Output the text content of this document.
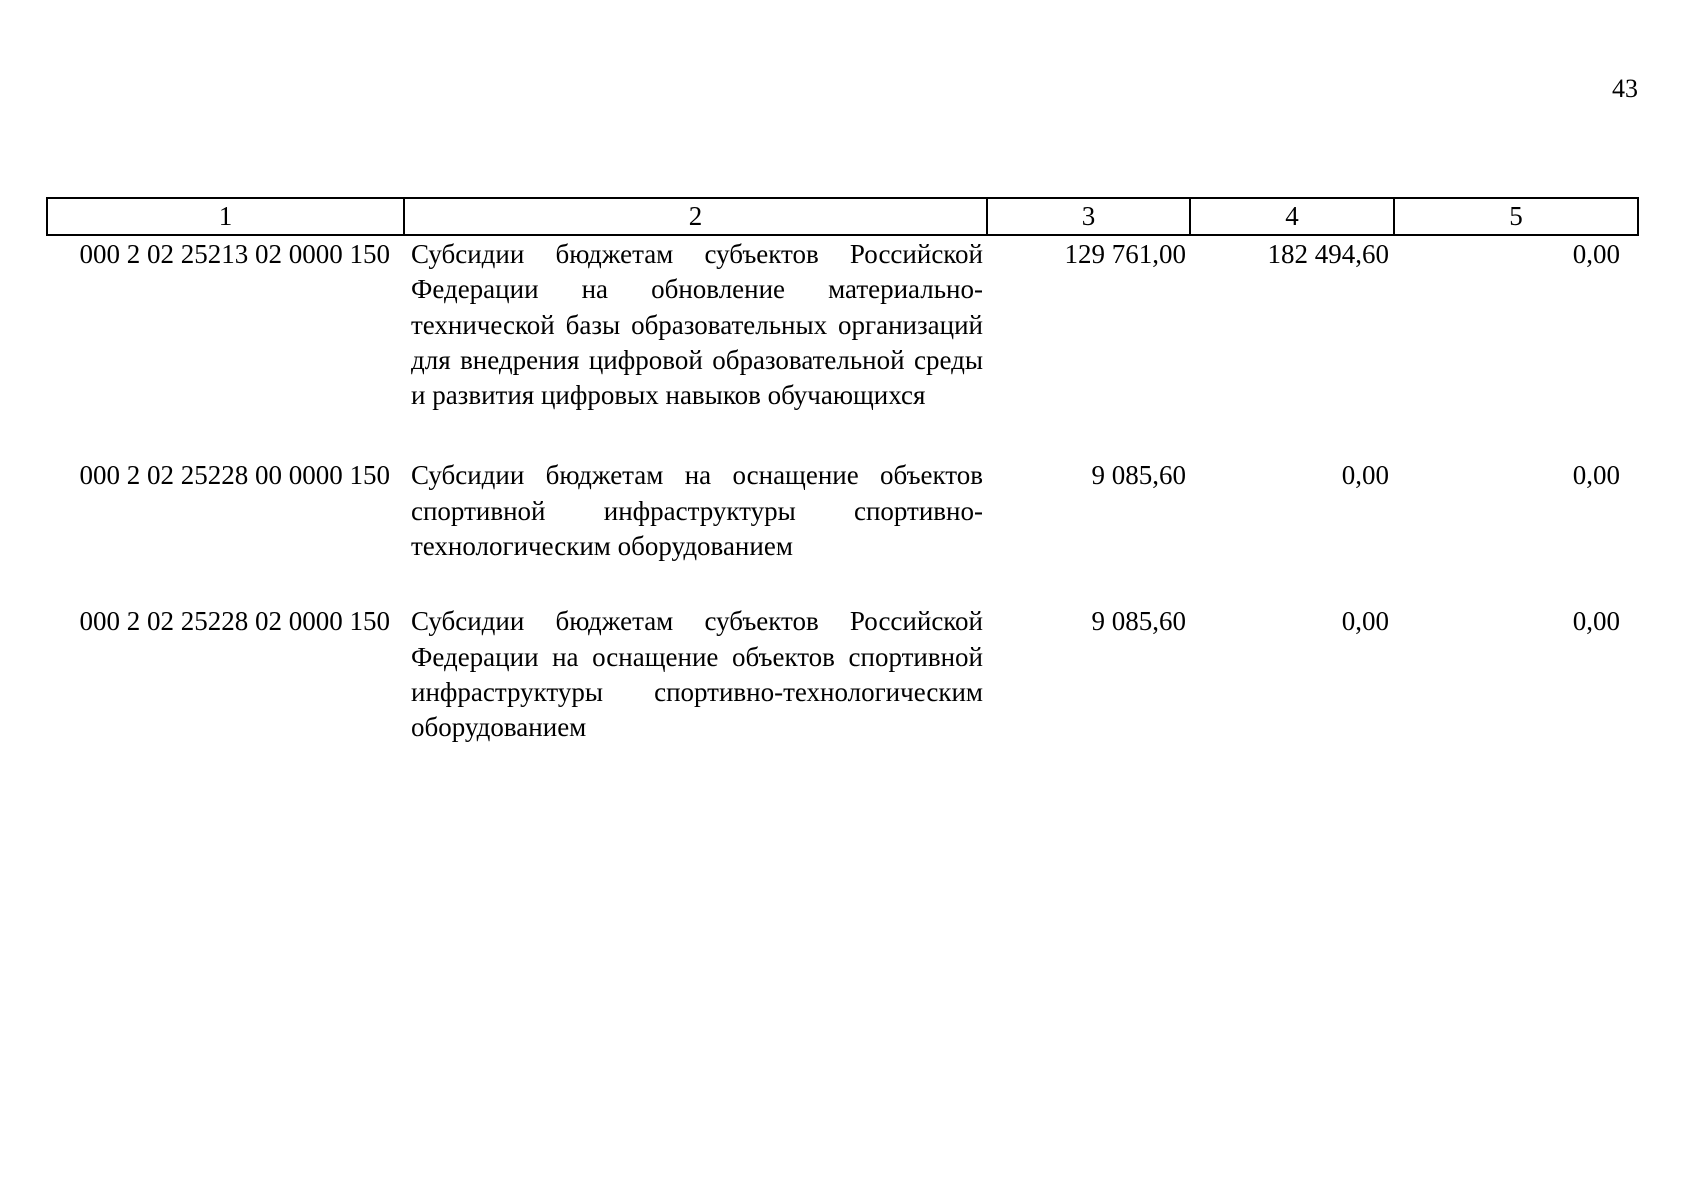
43
1	2	3	4	5
000 2 02 25213 02 0000 150	Субсидии бюджетам субъектов Российской Федерации на обновление материально-технической базы образовательных организаций для внедрения цифровой образовательной среды и развития цифровых навыков обучающихся	129 761,00	182 494,60	0,00
000 2 02 25228 00 0000 150	Субсидии бюджетам на оснащение объектов спортивной инфраструктуры спортивно-технологическим оборудованием	9 085,60	0,00	0,00
000 2 02 25228 02 0000 150	Субсидии бюджетам субъектов Российской Федерации на оснащение объектов спортивной инфраструктуры спортивно-технологическим оборудованием	9 085,60	0,00	0,00
